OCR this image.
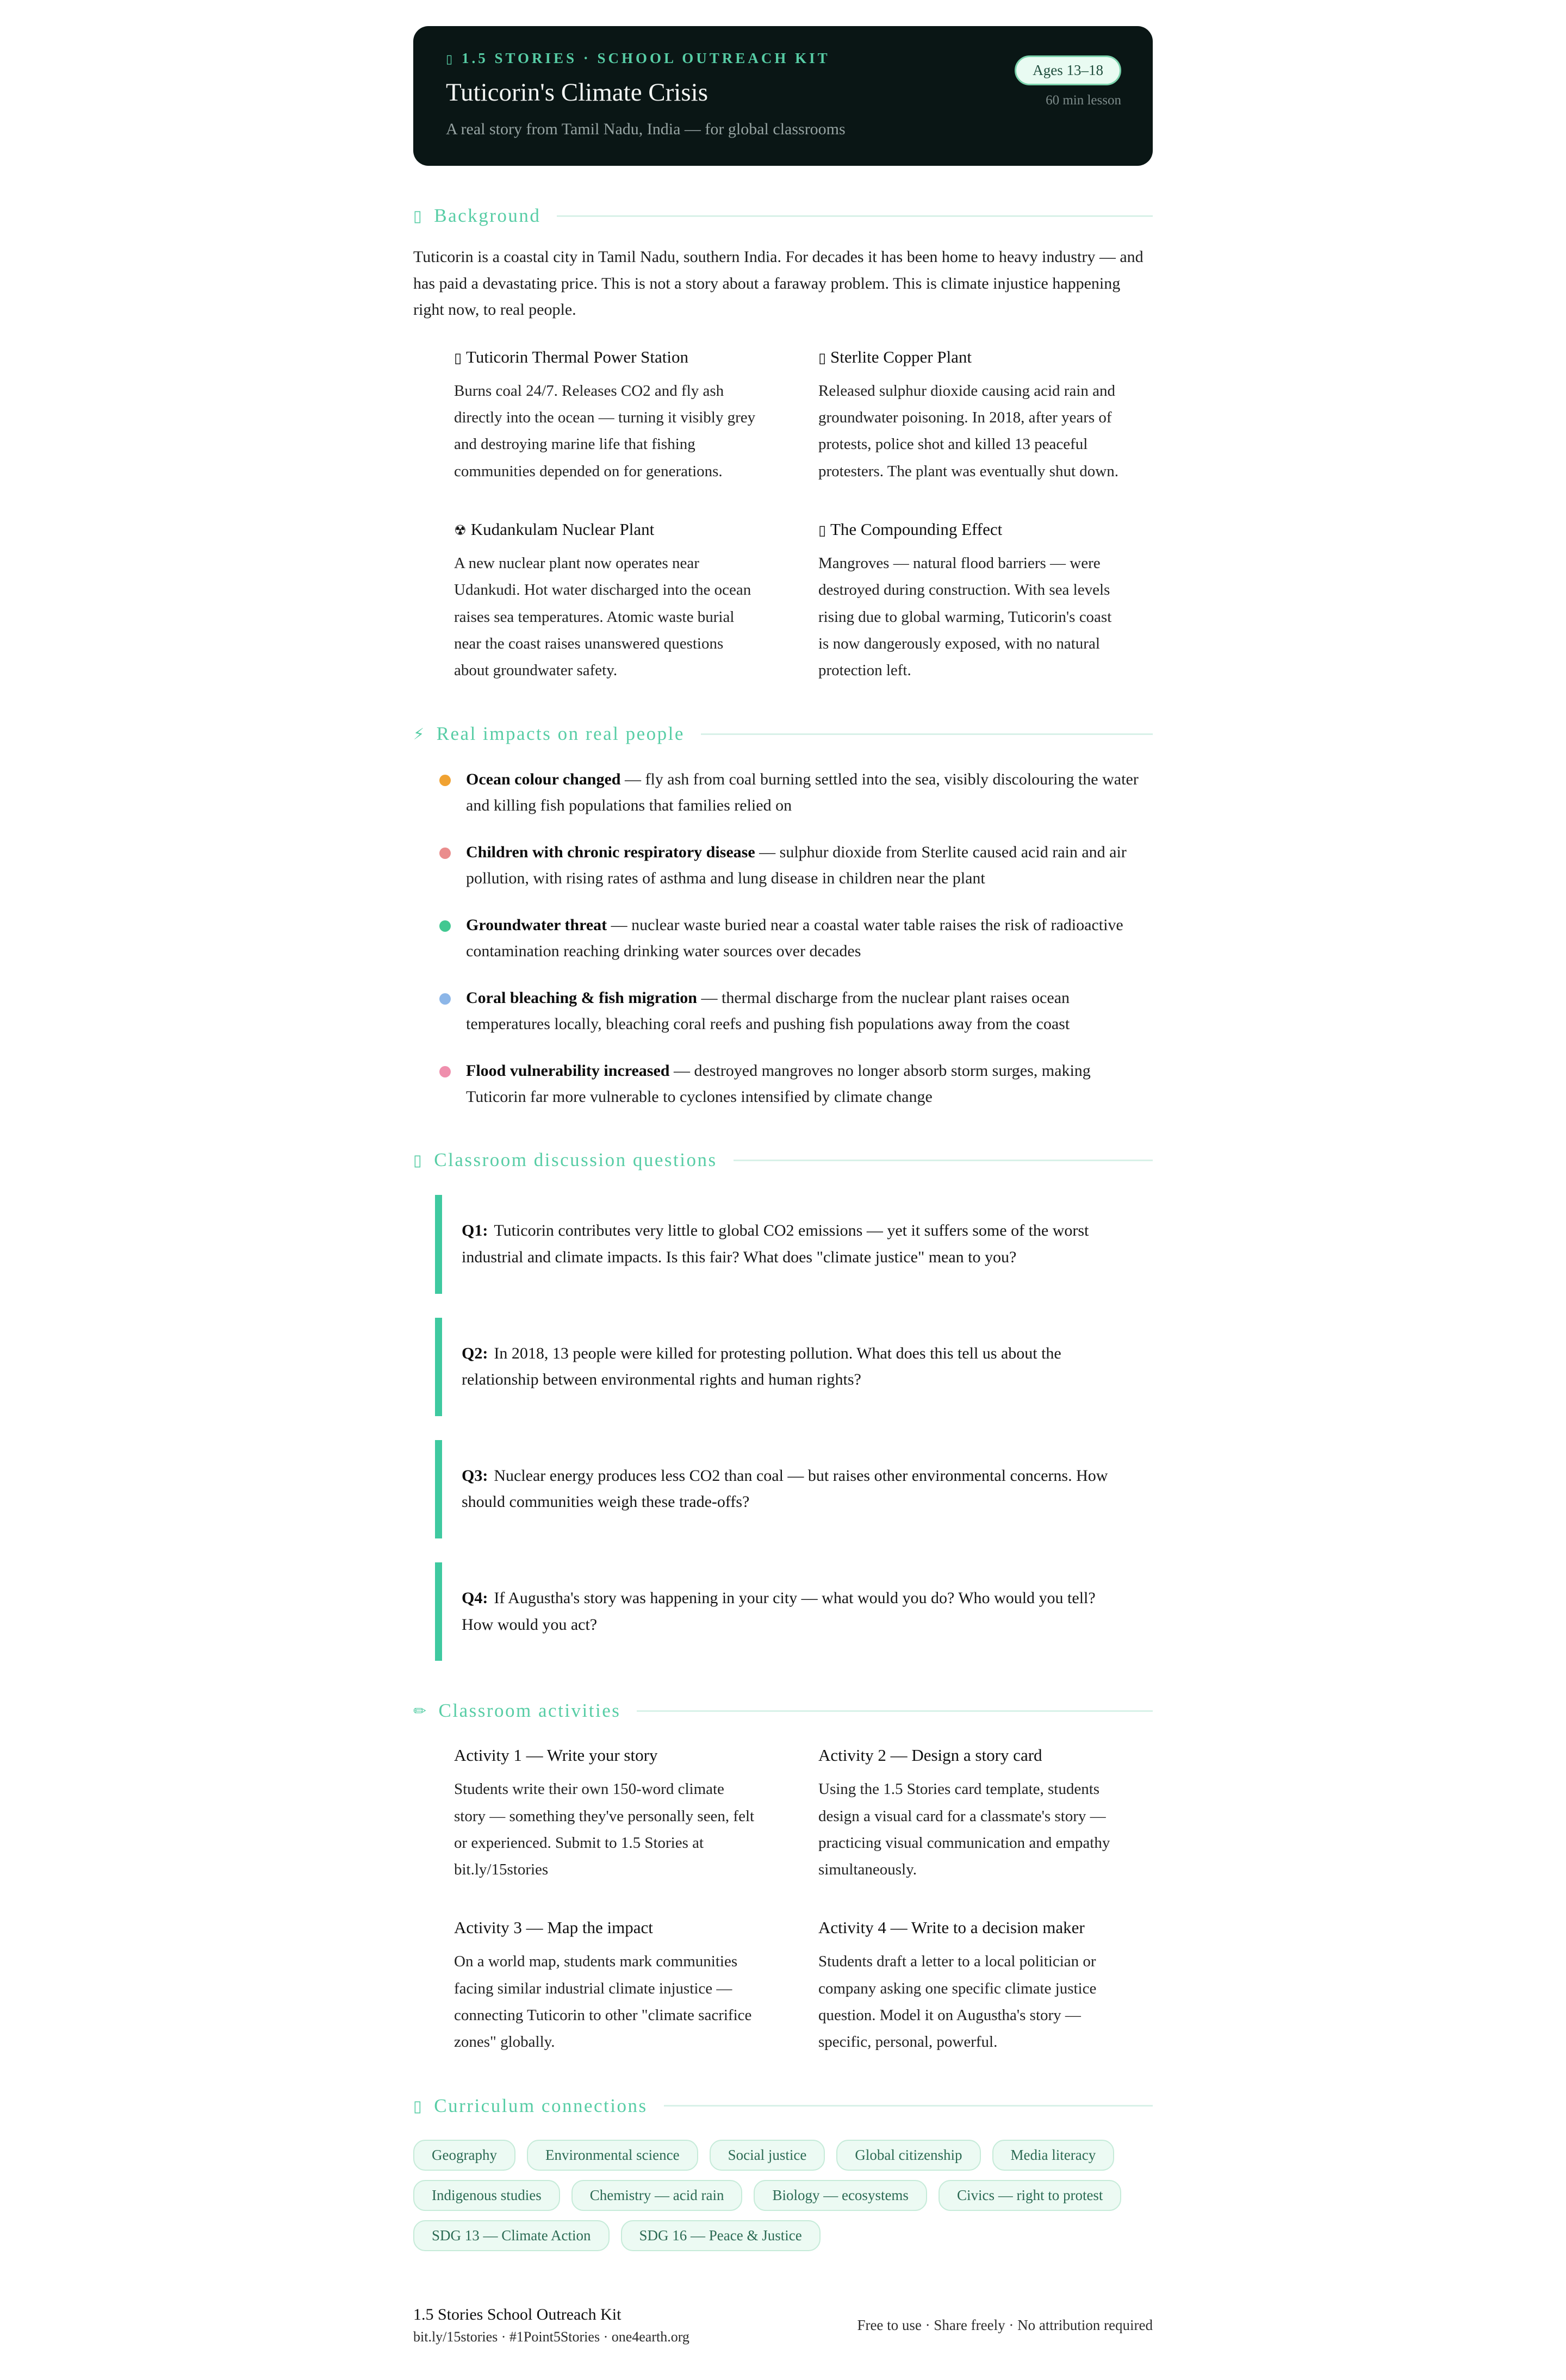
▯ 1.5 STORIES · SCHOOL OUTREACH KIT
Tuticorin's Climate Crisis
A real story from Tamil Nadu, India — for global classrooms
Ages 13–18
60 min lesson
▯ Background

Tuticorin is a coastal city in Tamil Nadu, southern India. For decades it has been home to heavy industry — and has paid a devastating price. This is not a story about a faraway problem. This is climate injustice happening right now, to real people.

▯ Tuticorin Thermal Power Station
Burns coal 24/7. Releases CO2 and fly ash directly into the ocean — turning it visibly grey and destroying marine life that fishing communities depended on for generations.
▯ Sterlite Copper Plant
Released sulphur dioxide causing acid rain and groundwater poisoning. In 2018, after years of protests, police shot and killed 13 peaceful protesters. The plant was eventually shut down.
☢ Kudankulam Nuclear Plant
A new nuclear plant now operates near Udankudi. Hot water discharged into the ocean raises sea temperatures. Atomic waste burial near the coast raises unanswered questions about groundwater safety.
▯ The Compounding Effect
Mangroves — natural flood barriers — were destroyed during construction. With sea levels rising due to global warming, Tuticorin's coast is now dangerously exposed, with no natural protection left.
⚡ Real impacts on real people
Ocean colour changed — fly ash from coal burning settled into the sea, visibly discolouring the water and killing fish populations that families relied on
Children with chronic respiratory disease — sulphur dioxide from Sterlite caused acid rain and air pollution, with rising rates of asthma and lung disease in children near the plant
Groundwater threat — nuclear waste buried near a coastal water table raises the risk of radioactive contamination reaching drinking water sources over decades
Coral bleaching & fish migration — thermal discharge from the nuclear plant raises ocean temperatures locally, bleaching coral reefs and pushing fish populations away from the coast
Flood vulnerability increased — destroyed mangroves no longer absorb storm surges, making Tuticorin far more vulnerable to cyclones intensified by climate change
▯ Classroom discussion questions
Q1: Tuticorin contributes very little to global CO2 emissions — yet it suffers some of the worst industrial and climate impacts. Is this fair? What does "climate justice" mean to you?
Q2: In 2018, 13 people were killed for protesting pollution. What does this tell us about the relationship between environmental rights and human rights?
Q3: Nuclear energy produces less CO2 than coal — but raises other environmental concerns. How should communities weigh these trade-offs?
Q4: If Augustha's story was happening in your city — what would you do? Who would you tell? How would you act?
✏ Classroom activities
Activity 1 — Write your story
Students write their own 150-word climate story — something they've personally seen, felt or experienced. Submit to 1.5 Stories at bit.ly/15stories
Activity 2 — Design a story card
Using the 1.5 Stories card template, students design a visual card for a classmate's story — practicing visual communication and empathy simultaneously.
Activity 3 — Map the impact
On a world map, students mark communities facing similar industrial climate injustice — connecting Tuticorin to other "climate sacrifice zones" globally.
Activity 4 — Write to a decision maker
Students draft a letter to a local politician or company asking one specific climate justice question. Model it on Augustha's story — specific, personal, powerful.
▯ Curriculum connections
Geography	Environmental science	Social justice	Global citizenship	Media literacy
Indigenous studies	Chemistry — acid rain	Biology — ecosystems	Civics — right to protest
SDG 13 — Climate Action	SDG 16 — Peace & Justice
1.5 Stories School Outreach Kit
bit.ly/15stories · #1Point5Stories · one4earth.org
Free to use · Share freely · No attribution required
